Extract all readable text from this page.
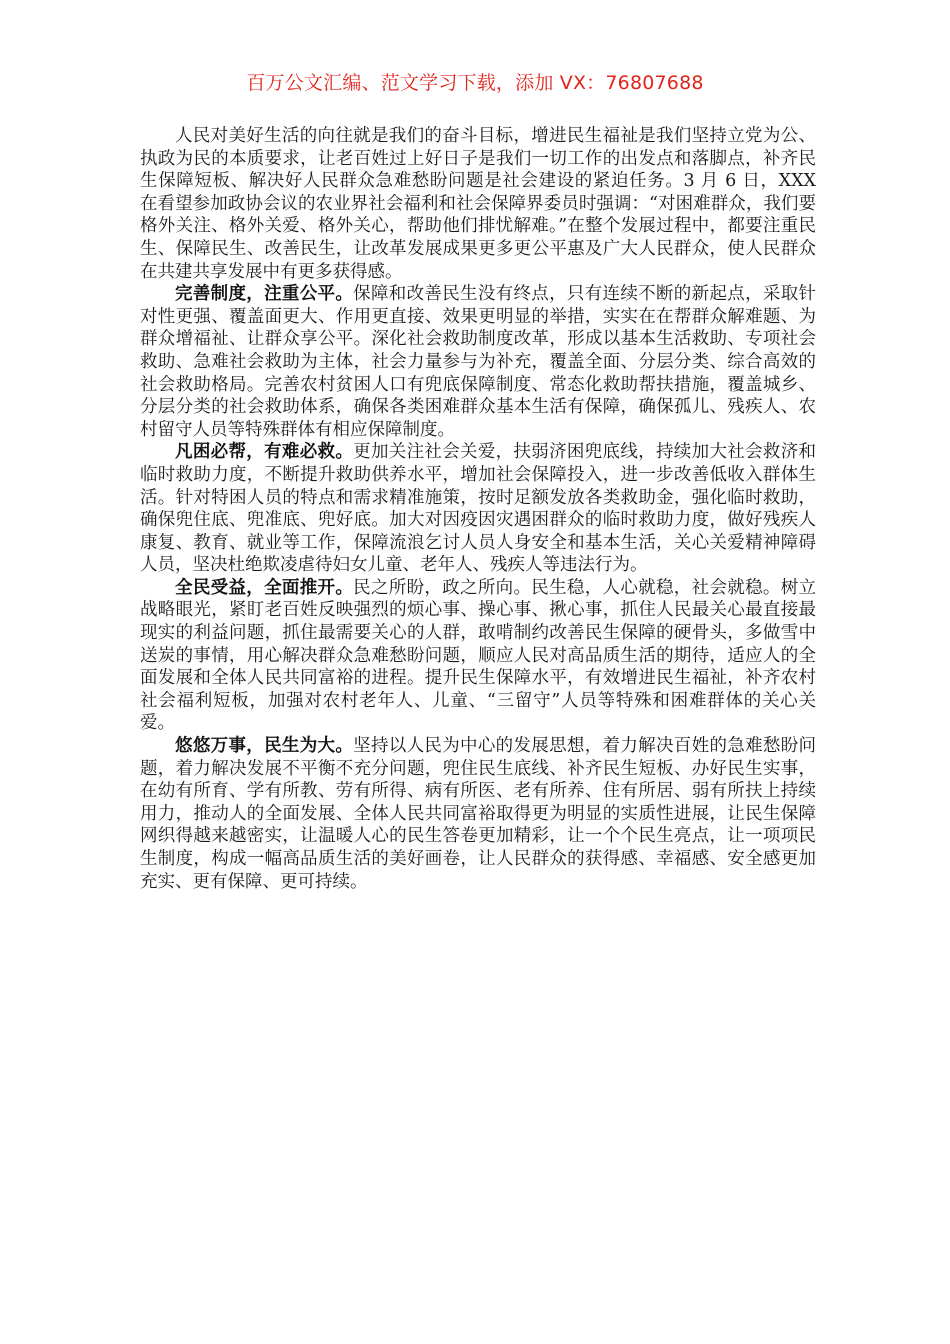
百万公文汇编、范文学习下载，添加 VX：76807688

人民对美好生活的向往就是我们的奋斗目标，增进民生福祉是我们坚持立党为公、执政为民的本质要求，让老百姓过上好日子是我们一切工作的出发点和落脚点，补齐民生保障短板、解决好人民群众急难愁盼问题是社会建设的紧迫任务。3 月 6 日，XXX 在看望参加政协会议的农业界社会福利和社会保障界委员时强调：“对困难群众，我们要格外关注、格外关爱、格外关心，帮助他们排忧解难。”在整个发展过程中，都要注重民生、保障民生、改善民生，让改革发展成果更多更公平惠及广大人民群众，使人民群众在共建共享发展中有更多获得感。

完善制度，注重公平。保障和改善民生没有终点，只有连续不断的新起点，采取针对性更强、覆盖面更大、作用更直接、效果更明显的举措，实实在在帮群众解难题、为群众增福祉、让群众享公平。深化社会救助制度改革，形成以基本生活救助、专项社会救助、急难社会救助为主体，社会力量参与为补充，覆盖全面、分层分类、综合高效的社会救助格局。完善农村贫困人口有兜底保障制度、常态化救助帮扶措施，覆盖城乡、分层分类的社会救助体系，确保各类困难群众基本生活有保障，确保孤儿、残疾人、农村留守人员等特殊群体有相应保障制度。

凡困必帮，有难必救。更加关注社会关爱，扶弱济困兜底线，持续加大社会救济和临时救助力度，不断提升救助供养水平，增加社会保障投入，进一步改善低收入群体生活。针对特困人员的特点和需求精准施策，按时足额发放各类救助金，强化临时救助，确保兜住底、兜准底、兜好底。加大对因疫因灾遇困群众的临时救助力度，做好残疾人康复、教育、就业等工作，保障流浪乞讨人员人身安全和基本生活，关心关爱精神障碍人员，坚决杜绝欺凌虐待妇女儿童、老年人、残疾人等违法行为。

全民受益，全面推开。民之所盼，政之所向。民生稳，人心就稳，社会就稳。树立战略眼光，紧盯老百姓反映强烈的烦心事、操心事、揪心事，抓住人民最关心最直接最现实的利益问题，抓住最需要关心的人群，敢啃制约改善民生保障的硬骨头，多做雪中送炭的事情，用心解决群众急难愁盼问题，顺应人民对高品质生活的期待，适应人的全面发展和全体人民共同富裕的进程。提升民生保障水平，有效增进民生福祉，补齐农村社会福利短板，加强对农村老年人、儿童、“三留守”人员等特殊和困难群体的关心关爱。

悠悠万事，民生为大。坚持以人民为中心的发展思想，着力解决百姓的急难愁盼问题，着力解决发展不平衡不充分问题，兜住民生底线、补齐民生短板、办好民生实事，在幼有所育、学有所教、劳有所得、病有所医、老有所养、住有所居、弱有所扶上持续用力，推动人的全面发展、全体人民共同富裕取得更为明显的实质性进展，让民生保障网织得越来越密实，让温暖人心的民生答卷更加精彩，让一个个民生亮点，让一项项民生制度，构成一幅高品质生活的美好画卷，让人民群众的获得感、幸福感、安全感更加充实、更有保障、更可持续。
